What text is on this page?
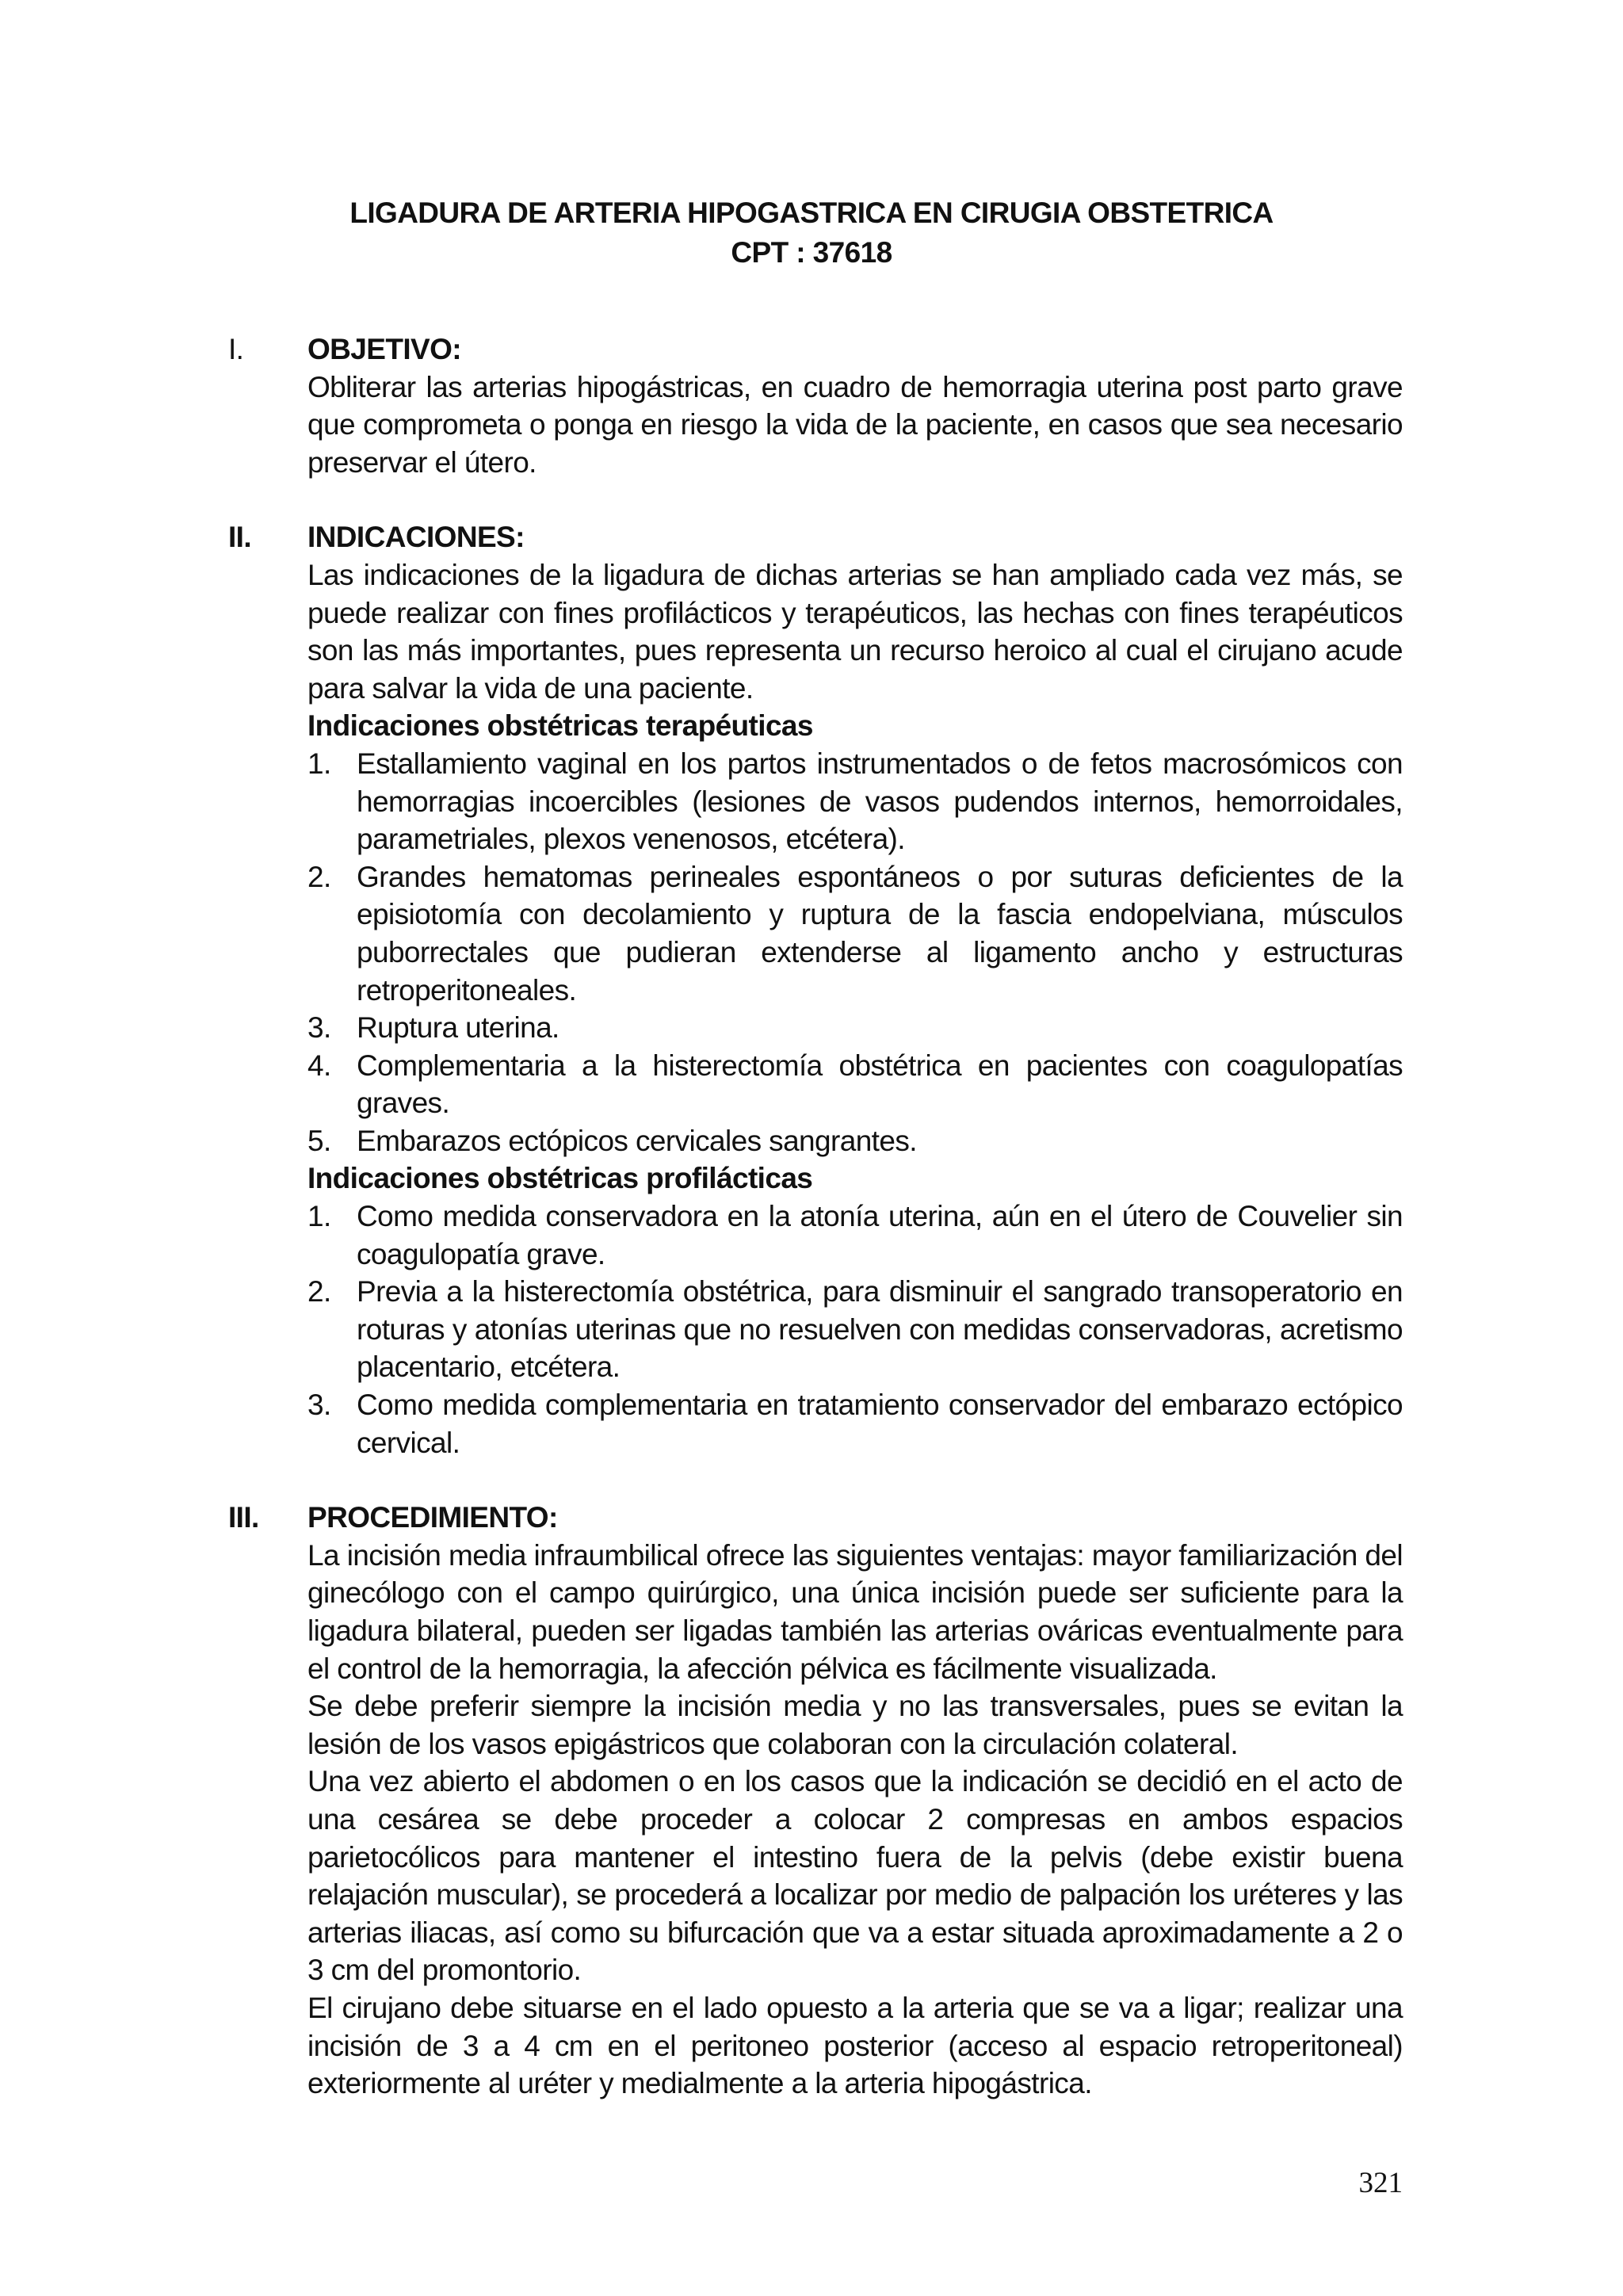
LIGADURA DE ARTERIA HIPOGASTRICA EN CIRUGIA OBSTETRICA
CPT : 37618
I.	OBJETIVO:

Obliterar las arterias hipogástricas, en cuadro de hemorragia uterina post parto grave que comprometa o ponga en riesgo la vida de la paciente, en casos que sea necesario preservar el útero.

II.	INDICACIONES:

Las indicaciones de la ligadura de dichas arterias se han ampliado cada vez más, se puede realizar con fines profilácticos y terapéuticos, las hechas con fines terapéuticos son las más importantes, pues representa un recurso heroico al cual el cirujano acude para salvar la vida de una paciente.

Indicaciones obstétricas terapéuticas

1. Estallamiento vaginal en los partos instrumentados o de fetos macrosómicos con hemorragias incoercibles (lesiones de vasos pudendos internos, hemorroidales, parametriales, plexos venenosos, etcétera).
2. Grandes hematomas perineales espontáneos o por suturas deficientes de la episiotomía con decolamiento y ruptura de la fascia endopelviana, músculos puborrectales que pudieran extenderse al ligamento ancho y estructuras retroperitoneales.
3. Ruptura uterina.
4. Complementaria a la histerectomía obstétrica en pacientes con coagulopatías graves.
5. Embarazos ectópicos cervicales sangrantes.

Indicaciones obstétricas profilácticas

1. Como medida conservadora en la atonía uterina, aún en el útero de Couvelier sin coagulopatía grave.
2. Previa a la histerectomía obstétrica, para disminuir el sangrado transoperatorio en roturas y atonías uterinas que no resuelven con medidas conservadoras, acretismo placentario, etcétera.
3. Como medida complementaria en tratamiento conservador del embarazo ectópico cervical.
III.	PROCEDIMIENTO:

La incisión media infraumbilical ofrece las siguientes ventajas: mayor familiarización del ginecólogo con el campo quirúrgico, una única incisión puede ser suficiente para la ligadura bilateral, pueden ser ligadas también las arterias ováricas eventualmente para el control de la hemorragia, la afección pélvica es fácilmente visualizada.

Se debe preferir siempre la incisión media y no las transversales, pues se evitan la lesión de los vasos epigástricos que colaboran con la circulación colateral.

Una vez abierto el abdomen o en los casos que la indicación se decidió en el acto de una cesárea se debe proceder a colocar 2 compresas en ambos espacios parietocólicos para mantener el intestino fuera de la pelvis (debe existir buena relajación muscular), se procederá a localizar por medio de palpación los uréteres y las arterias iliacas, así como su bifurcación que va a estar situada aproximadamente a 2 o 3 cm del promontorio.

El cirujano debe situarse en el lado opuesto a la arteria que se va a ligar; realizar una incisión de 3 a 4 cm en el peritoneo posterior (acceso al espacio retroperitoneal) exteriormente al uréter y medialmente a la arteria hipogástrica.

321
